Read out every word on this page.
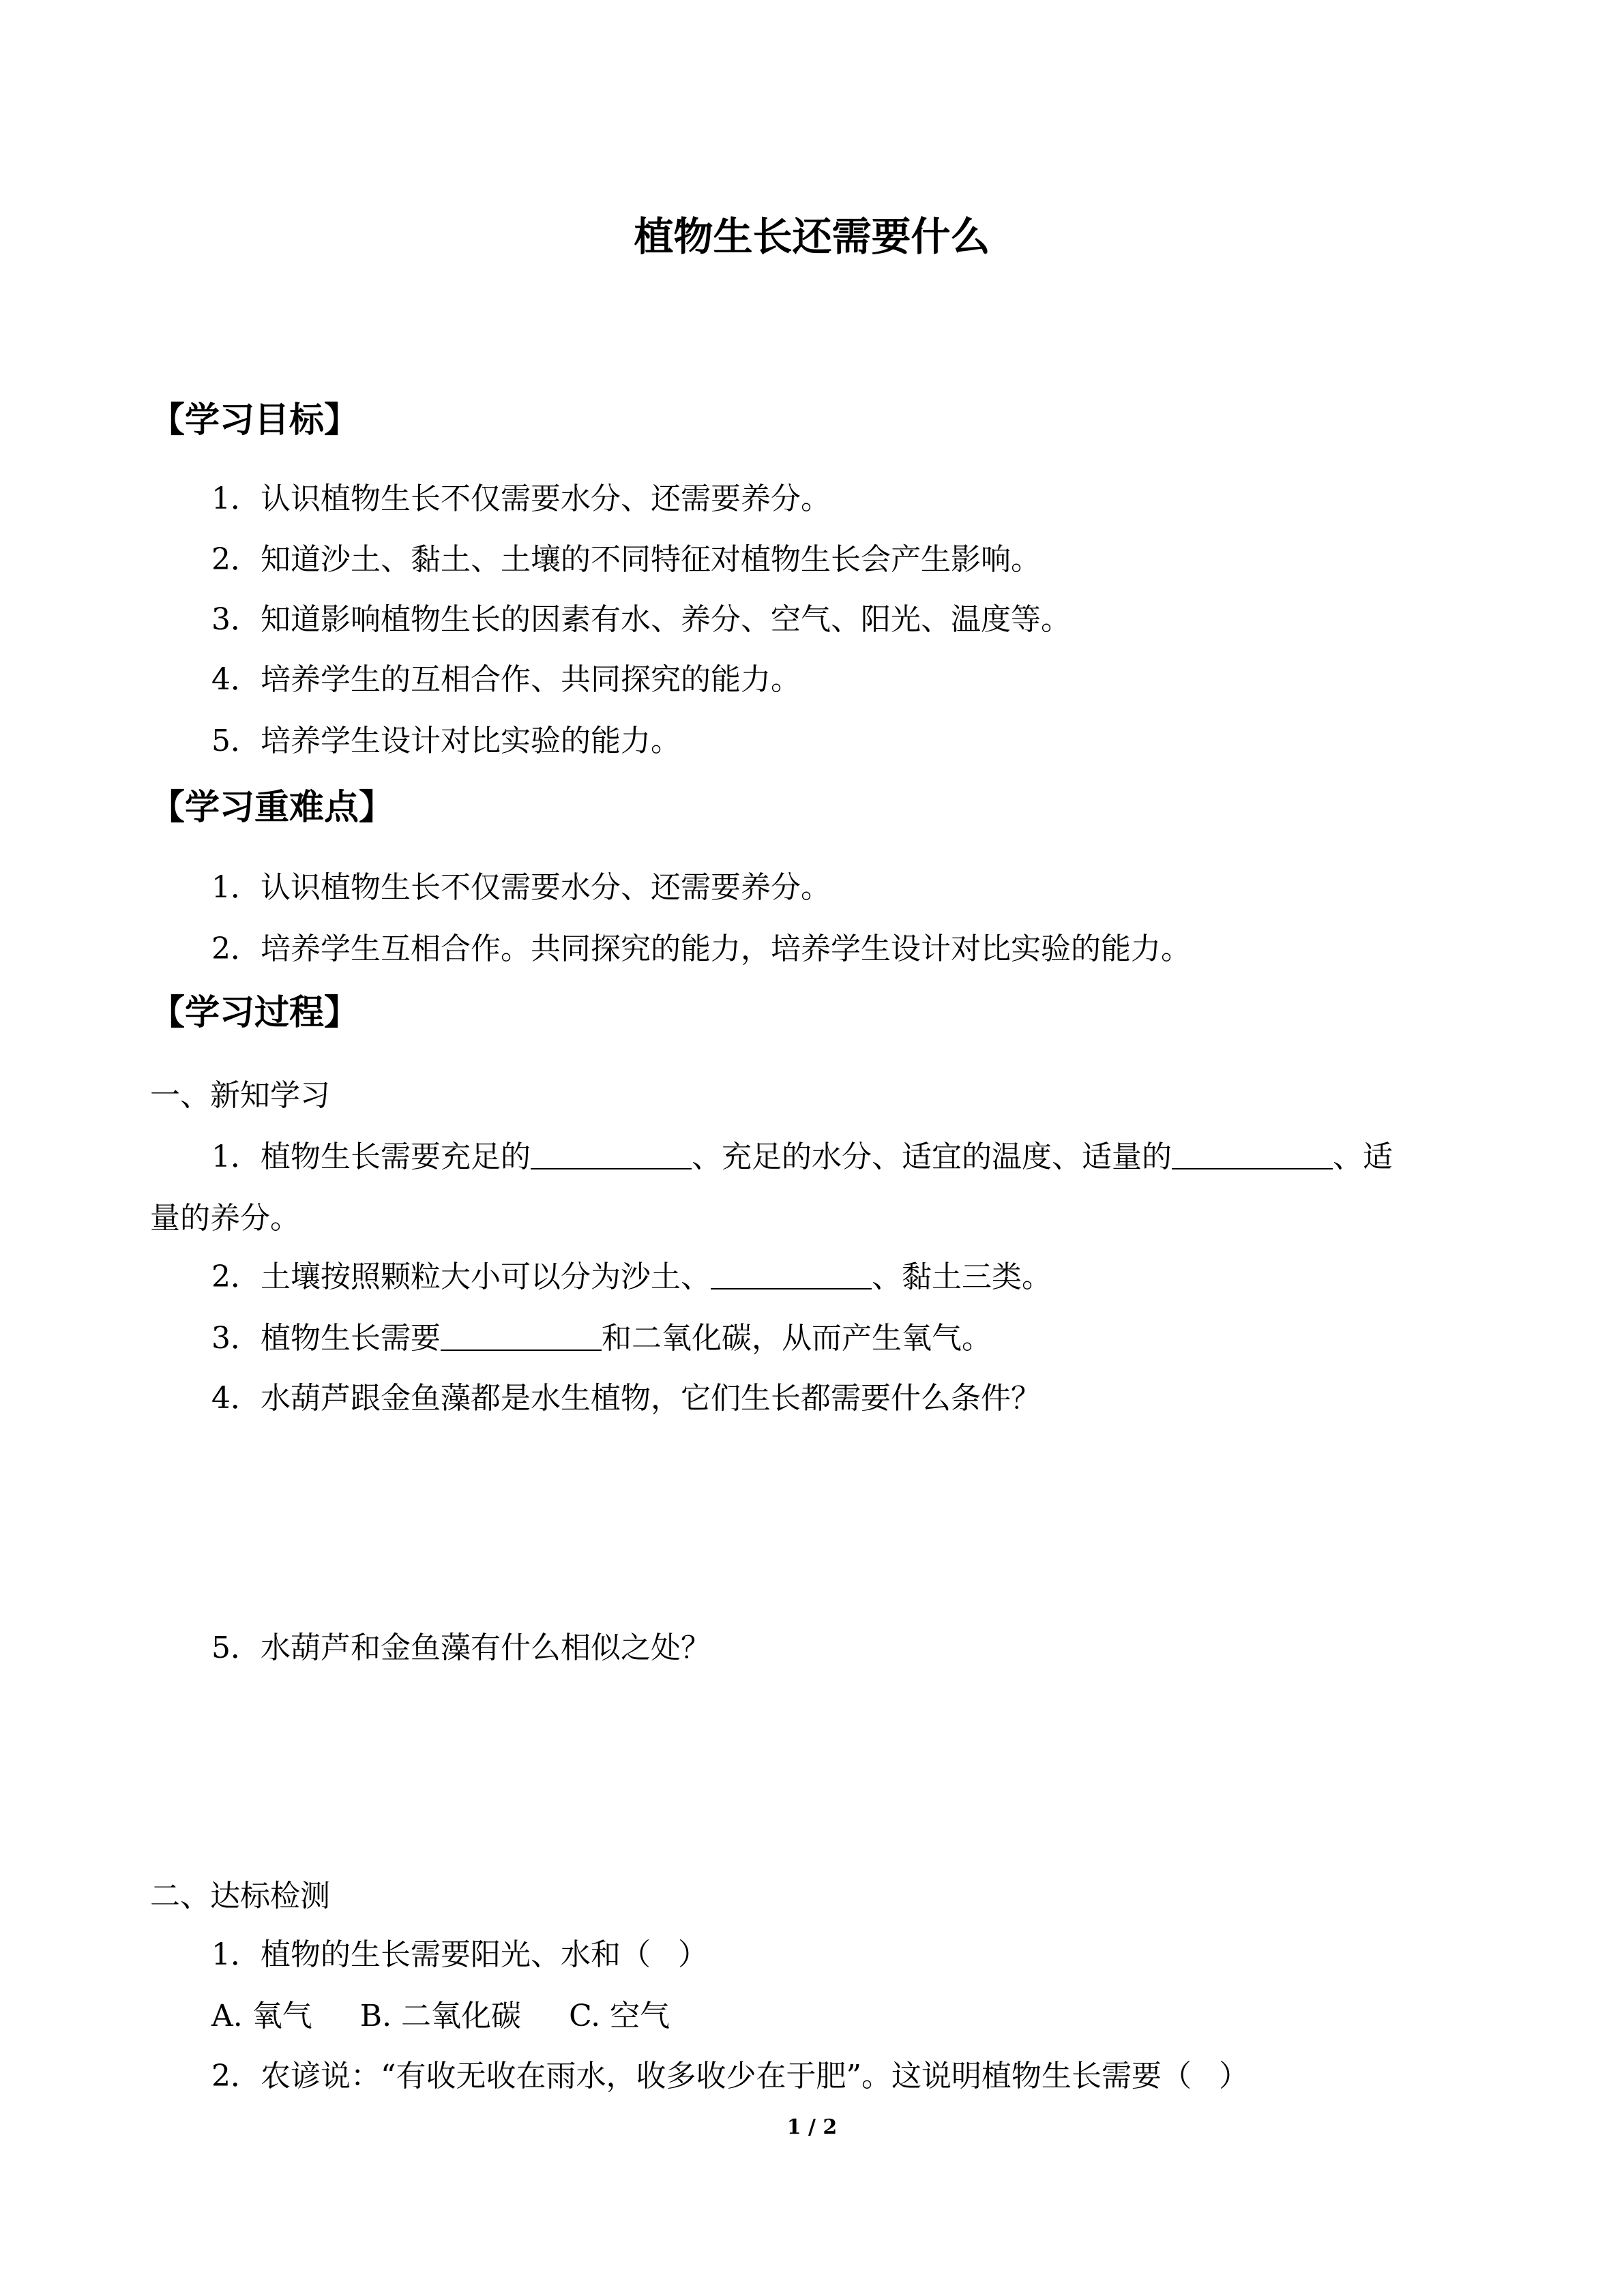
植物生长还需要什么
【学习目标】
1．认识植物生长不仅需要水分、还需要养分。
2．知道沙土、黏土、土壤的不同特征对植物生长会产生影响。
3．知道影响植物生长的因素有水、养分、空气、阳光、温度等。
4．培养学生的互相合作、共同探究的能力。
5．培养学生设计对比实验的能力。
【学习重难点】
1．认识植物生长不仅需要水分、还需要养分。
2．培养学生互相合作。共同探究的能力，培养学生设计对比实验的能力。
【学习过程】
一、新知学习
1．植物生长需要充足的	、充足的水分、适宜的温度、适量的	、适
量的养分。
2．土壤按照颗粒大小可以分为沙土、	、黏土三类。
3．植物生长需要	和二氧化碳，从而产生氧气。
4．水葫芦跟金鱼藻都是水生植物，它们生长都需要什么条件？
5．水葫芦和金鱼藻有什么相似之处？
二、达标检测
1．植物的生长需要阳光、水和（ ）
A. 氧气 B. 二氧化碳 C. 空气
2．农谚说：“有收无收在雨水，收多收少在于肥”。这说明植物生长需要（ ）
1 / 2
